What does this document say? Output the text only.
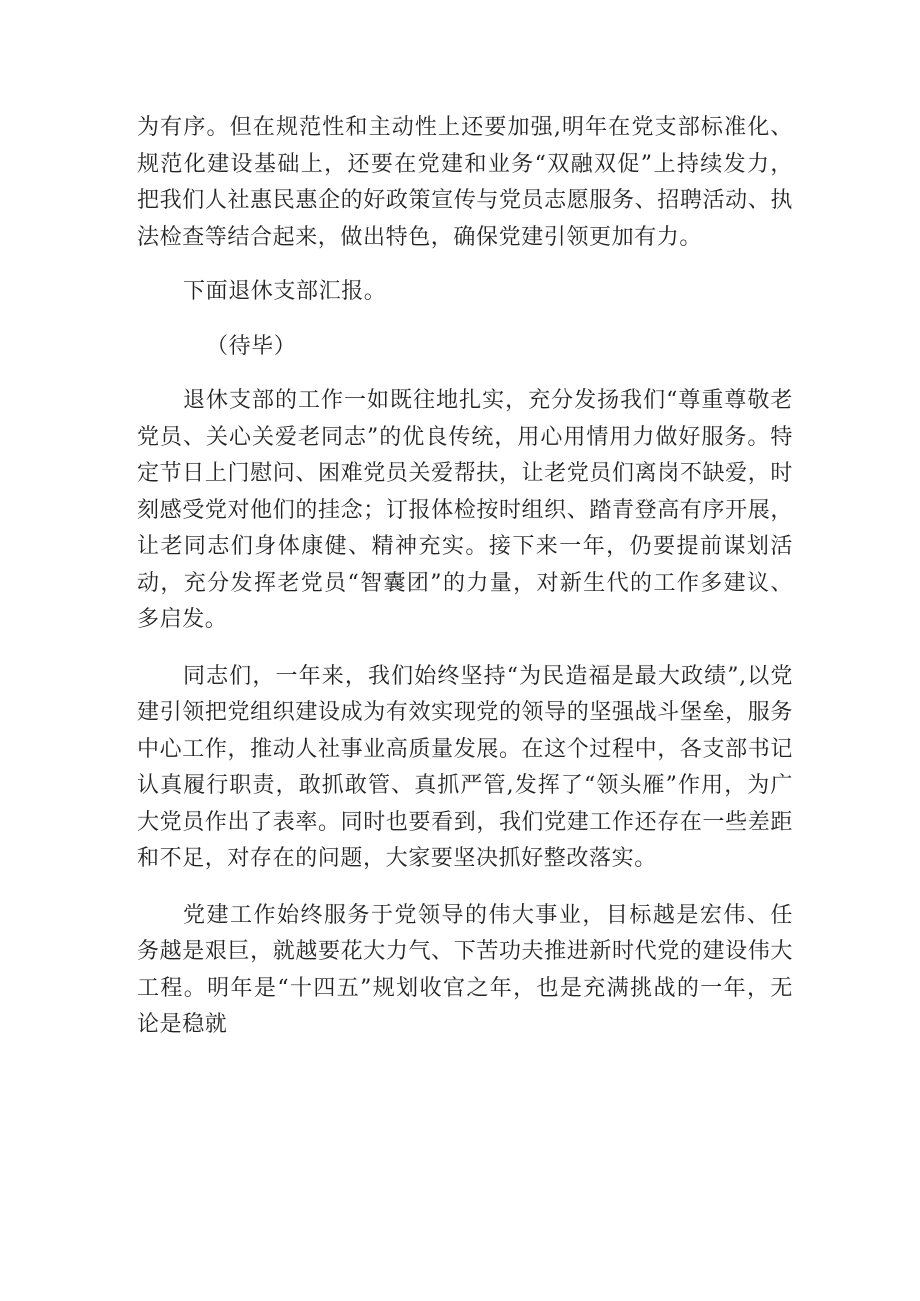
为有序。但在规范性和主动性上还要加强,明年在党支部标准化、规范化建设基础上，还要在党建和业务“双融双促”上持续发力，把我们人社惠民惠企的好政策宣传与党员志愿服务、招聘活动、执法检查等结合起来，做出特色，确保党建引领更加有力。

下面退休支部汇报。

（待毕）

退休支部的工作一如既往地扎实，充分发扬我们“尊重尊敬老党员、关心关爱老同志”的优良传统，用心用情用力做好服务。特定节日上门慰问、困难党员关爱帮扶，让老党员们离岗不缺爱，时刻感受党对他们的挂念；订报体检按时组织、踏青登高有序开展，让老同志们身体康健、精神充实。接下来一年，仍要提前谋划活动，充分发挥老党员“智囊团”的力量，对新生代的工作多建议、多启发。

同志们，一年来，我们始终坚持“为民造福是最大政绩”,以党建引领把党组织建设成为有效实现党的领导的坚强战斗堡垒，服务中心工作，推动人社事业高质量发展。在这个过程中，各支部书记认真履行职责，敢抓敢管、真抓严管,发挥了“领头雁”作用，为广大党员作出了表率。同时也要看到，我们党建工作还存在一些差距和不足，对存在的问题，大家要坚决抓好整改落实。

党建工作始终服务于党领导的伟大事业，目标越是宏伟、任务越是艰巨，就越要花大力气、下苦功夫推进新时代党的建设伟大工程。明年是“十四五”规划收官之年，也是充满挑战的一年，无论是稳就
